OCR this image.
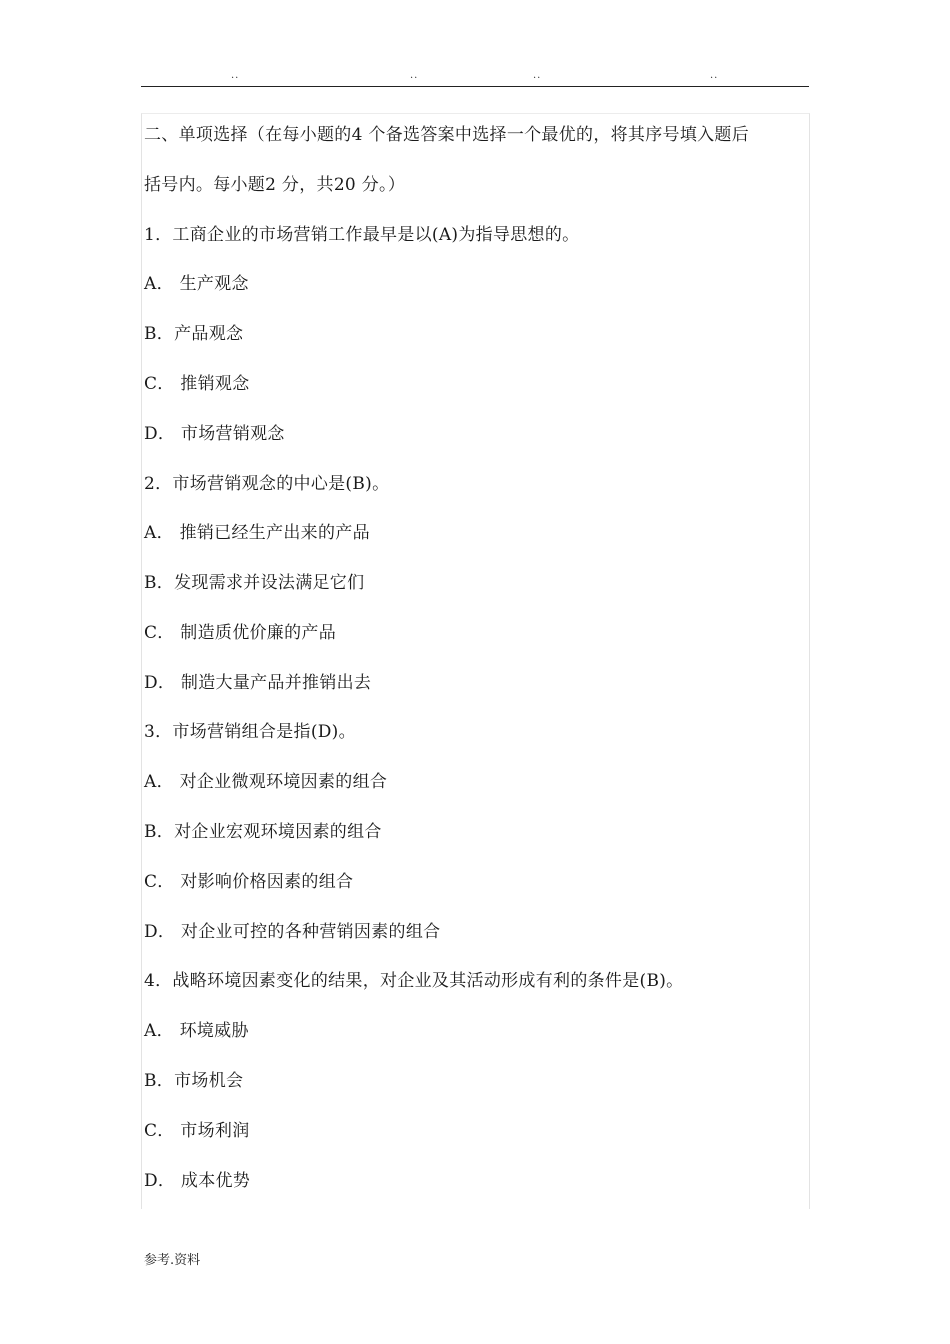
..	..	..	..
二、单项选择（在每小题的4 个备选答案中选择一个最优的，将其序号填入题后
括号内。每小题2 分，共20 分。）
1．工商企业的市场营销工作最早是以(A)为指导思想的。
A． 生产观念
B．产品观念
C． 推销观念
D． 市场营销观念
2．市场营销观念的中心是(B)。
A． 推销已经生产出来的产品
B．发现需求并设法满足它们
C． 制造质优价廉的产品
D． 制造大量产品并推销出去
3．市场营销组合是指(D)。
A． 对企业微观环境因素的组合
B．对企业宏观环境因素的组合
C． 对影响价格因素的组合
D． 对企业可控的各种营销因素的组合
4．战略环境因素变化的结果，对企业及其活动形成有利的条件是(B)。
A． 环境威胁
B．市场机会
C． 市场利润
D． 成本优势
参考.资料
